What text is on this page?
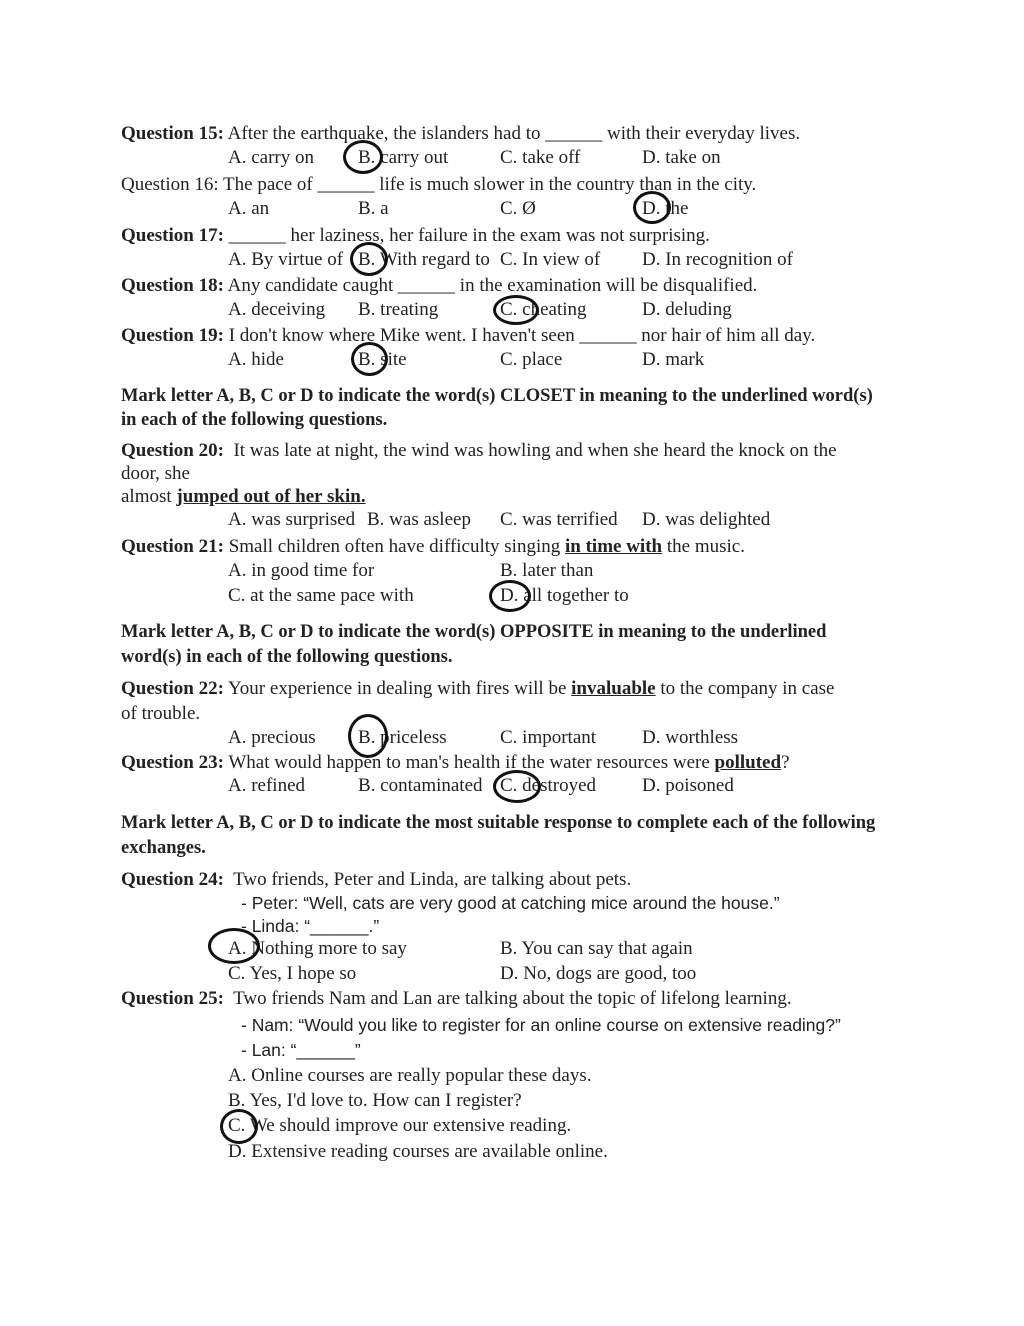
Question 15: After the earthquake, the islanders had to ______ with their everyday lives.
A. carry on B. carry out	C. take off	D. take on
Question 16: The pace of ______ life is much slower in the country than in the city.
A. an	B. a	C. Ø	D. the
Question 17: ______ her laziness, her failure in the exam was not surprising.
A. By virtue of B. With regard to C. In view of D. In recognition of
Question 18: Any candidate caught ______ in the examination will be disqualified.
A. deceiving B. treating	C. cheating	D. deluding
Question 19: I don't know where Mike went. I haven't seen ______ nor hair of him all day.
A. hide	B. site	C. place	D. mark
Mark letter A, B, C or D to indicate the word(s) CLOSET in meaning to the underlined word(s)
in each of the following questions.
Question 20: It was late at night, the wind was howling and when she heard the knock on the
door, she
almost jumped out of her skin.
A. was surprised B. was asleep C. was terrified D. was delighted
Question 21: Small children often have difficulty singing in time with the music.
A. in good time for	B. later than
C. at the same pace with	D. all together to
Mark letter A, B, C or D to indicate the word(s) OPPOSITE in meaning to the underlined
word(s) in each of the following questions.
Question 22: Your experience in dealing with fires will be invaluable to the company in case
of trouble.
A. precious B. priceless	C. important D. worthless
Question 23: What would happen to man's health if the water resources were polluted?
A. refined	B. contaminated C. destroyed D. poisoned
Mark letter A, B, C or D to indicate the most suitable response to complete each of the following
exchanges.
Question 24: Two friends, Peter and Linda, are talking about pets.
- Peter: “Well, cats are very good at catching mice around the house.”
- Linda: “______.”
A. Nothing more to say	B. You can say that again
C. Yes, I hope so	D. No, dogs are good, too
Question 25: Two friends Nam and Lan are talking about the topic of lifelong learning.
- Nam: “Would you like to register for an online course on extensive reading?”
- Lan: “______”
A. Online courses are really popular these days.
B. Yes, I'd love to. How can I register?
C. We should improve our extensive reading.
D. Extensive reading courses are available online.
